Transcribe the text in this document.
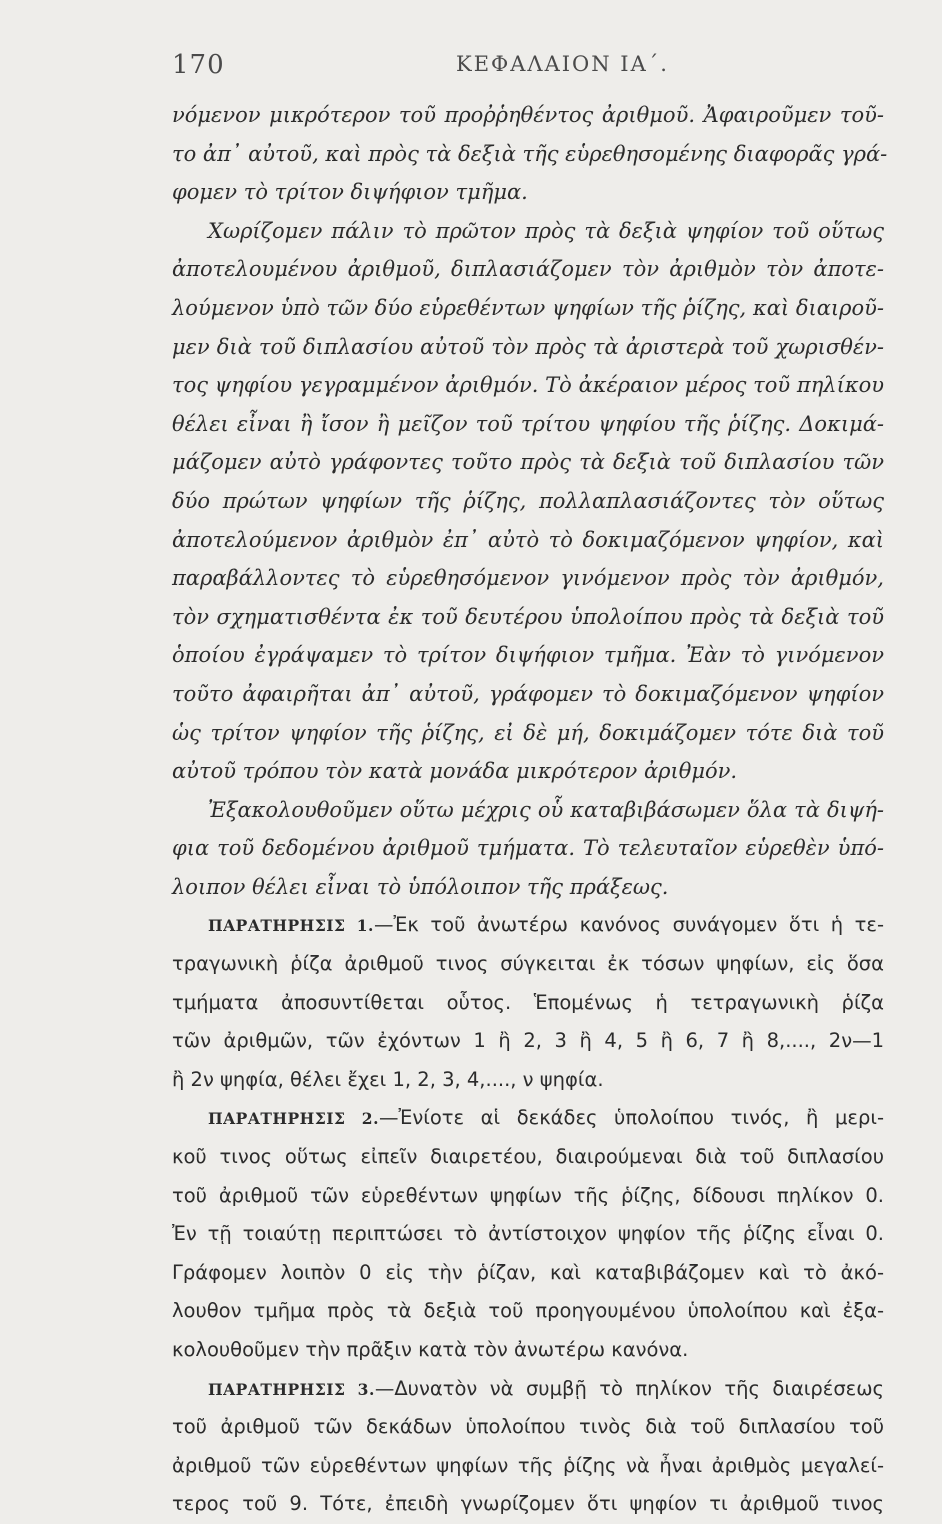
170	ΚΕΦΑΛΑΙΟΝ ΙΑ΄.
νόμενον μικρότερον τοῦ προῤῥηθέντος ἀριθμοῦ. Ἀφαιροῦμεν τοῦ-
το ἀπ᾽ αὐτοῦ, καὶ πρὸς τὰ δεξιὰ τῆς εὑρεθησομένης διαφορᾶς γρά-
φομεν τὸ τρίτον διψήφιον τμῆμα.
Χωρίζομεν πάλιν τὸ πρῶτον πρὸς τὰ δεξιὰ ψηφίον τοῦ οὕτως
ἀποτελουμένου ἀριθμοῦ, διπλασιάζομεν τὸν ἀριθμὸν τὸν ἀποτε-
λούμενον ὑπὸ τῶν δύο εὑρεθέντων ψηφίων τῆς ῥίζης, καὶ διαιροῦ-
μεν διὰ τοῦ διπλασίου αὐτοῦ τὸν πρὸς τὰ ἀριστερὰ τοῦ χωρισθέν-
τος ψηφίου γεγραμμένον ἀριθμόν. Τὸ ἀκέραιον μέρος τοῦ πηλίκου
θέλει εἶναι ἢ ἴσον ἢ μεῖζον τοῦ τρίτου ψηφίου τῆς ῥίζης. Δοκιμά-
μάζομεν αὐτὸ γράφοντες τοῦτο πρὸς τὰ δεξιὰ τοῦ διπλασίου τῶν
δύο πρώτων ψηφίων τῆς ῥίζης, πολλαπλασιάζοντες τὸν οὕτως
ἀποτελούμενον ἀριθμὸν ἐπ᾽ αὐτὸ τὸ δοκιμαζόμενον ψηφίον, καὶ
παραβάλλοντες τὸ εὑρεθησόμενον γινόμενον πρὸς τὸν ἀριθμόν,
τὸν σχηματισθέντα ἐκ τοῦ δευτέρου ὑπολοίπου πρὸς τὰ δεξιὰ τοῦ
ὁποίου ἐγράψαμεν τὸ τρίτον διψήφιον τμῆμα. Ἐὰν τὸ γινόμενον
τοῦτο ἀφαιρῆται ἀπ᾽ αὐτοῦ, γράφομεν τὸ δοκιμαζόμενον ψηφίον
ὡς τρίτον ψηφίον τῆς ῥίζης, εἰ δὲ μή, δοκιμάζομεν τότε διὰ τοῦ
αὐτοῦ τρόπου τὸν κατὰ μονάδα μικρότερον ἀριθμόν.
Ἐξακολουθοῦμεν οὕτω μέχρις οὗ καταβιβάσωμεν ὅλα τὰ διψή-
φια τοῦ δεδομένου ἀριθμοῦ τμήματα. Τὸ τελευταῖον εὑρεθὲν ὑπό-
λοιπον θέλει εἶναι τὸ ὑπόλοιπον τῆς πράξεως.
ΠΑΡΑΤΗΡΗΣΙΣ 1.—Ἐκ τοῦ ἀνωτέρω κανόνος συνάγομεν ὅτι ἡ τε-
τραγωνικὴ ῥίζα ἀριθμοῦ τινος σύγκειται ἐκ τόσων ψηφίων, εἰς ὅσα
τμήματα ἀποσυντίθεται οὗτος. Ἑπομένως ἡ τετραγωνικὴ ῥίζα
τῶν ἀριθμῶν, τῶν ἐχόντων 1 ἢ 2, 3 ἢ 4, 5 ἢ 6, 7 ἢ 8,...., 2ν—1
ἢ 2ν ψηφία, θέλει ἔχει 1, 2, 3, 4,...., ν ψηφία.
ΠΑΡΑΤΗΡΗΣΙΣ 2.—Ἐνίοτε αἱ δεκάδες ὑπολοίπου τινός, ἢ μερι-
κοῦ τινος οὕτως εἰπεῖν διαιρετέου, διαιρούμεναι διὰ τοῦ διπλασίου
τοῦ ἀριθμοῦ τῶν εὑρεθέντων ψηφίων τῆς ῥίζης, δίδουσι πηλίκον 0.
Ἐν τῇ τοιαύτῃ περιπτώσει τὸ ἀντίστοιχον ψηφίον τῆς ῥίζης εἶναι 0.
Γράφομεν λοιπὸν 0 εἰς τὴν ῥίζαν, καὶ καταβιβάζομεν καὶ τὸ ἀκό-
λουθον τμῆμα πρὸς τὰ δεξιὰ τοῦ προηγουμένου ὑπολοίπου καὶ ἐξα-
κολουθοῦμεν τὴν πρᾶξιν κατὰ τὸν ἀνωτέρω κανόνα.
ΠΑΡΑΤΗΡΗΣΙΣ 3.—Δυνατὸν νὰ συμβῇ τὸ πηλίκον τῆς διαιρέσεως
τοῦ ἀριθμοῦ τῶν δεκάδων ὑπολοίπου τινὸς διὰ τοῦ διπλασίου τοῦ
ἀριθμοῦ τῶν εὑρεθέντων ψηφίων τῆς ῥίζης νὰ ἦναι ἀριθμὸς μεγαλεί-
τερος τοῦ 9. Τότε, ἐπειδὴ γνωρίζομεν ὅτι ψηφίον τι ἀριθμοῦ τινος
